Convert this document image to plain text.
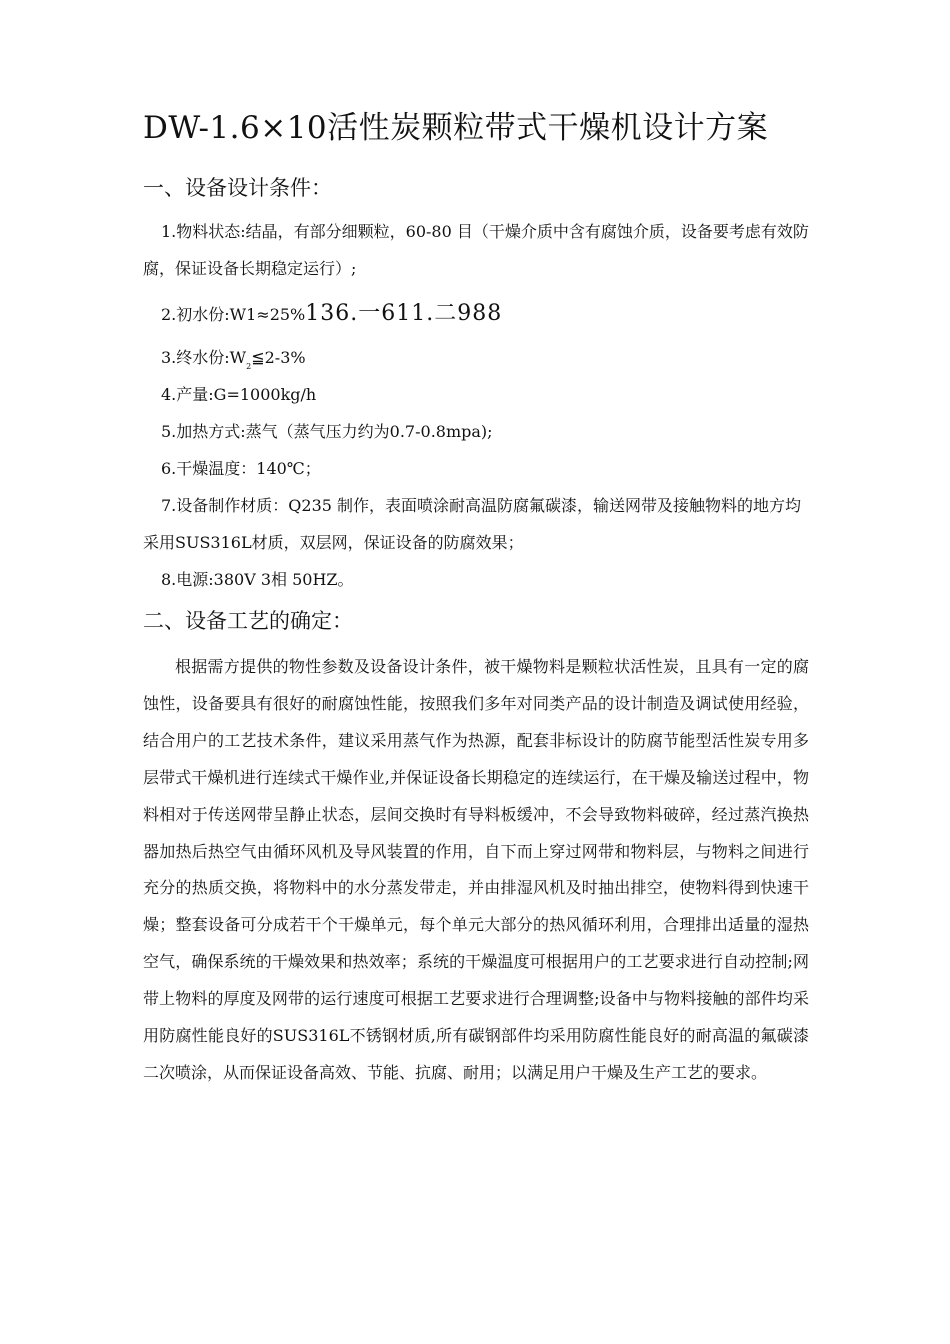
DW-1.6×10活性炭颗粒带式干燥机设计方案
一、设备设计条件：
1.物料状态:结晶，有部分细颗粒，60-80 目（干燥介质中含有腐蚀介质，设备要考虑有效防腐，保证设备长期稳定运行）;
2.初水份:W1≈25%136.一611.二988
3.终水份$:W_2≦2-3\%$
4.产量:G=1000kg/h
5.加热方式:蒸气（蒸气压力约为0.7-0.8mpa);
6.干燥温度：140℃；
7.设备制作材质：Q235 制作，表面喷涂耐高温防腐氟碳漆，输送网带及接触物料的地方均采用SUS316L材质，双层网，保证设备的防腐效果；
8.电源:380V 3相 50HZ。
二、设备工艺的确定：
根据需方提供的物性参数及设备设计条件，被干燥物料是颗粒状活性炭，且具有一定的腐蚀性，设备要具有很好的耐腐蚀性能，按照我们多年对同类产品的设计制造及调试使用经验，结合用户的工艺技术条件，建议采用蒸气作为热源，配套非标设计的防腐节能型活性炭专用多层带式干燥机进行连续式干燥作业,并保证设备长期稳定的连续运行，在干燥及输送过程中，物料相对于传送网带呈静止状态，层间交换时有导料板缓冲，不会导致物料破碎，经过蒸汽换热器加热后热空气由循环风机及导风装置的作用，自下而上穿过网带和物料层，与物料之间进行充分的热质交换，将物料中的水分蒸发带走，并由排湿风机及时抽出排空，使物料得到快速干燥；整套设备可分成若干个干燥单元，每个单元大部分的热风循环利用，合理排出适量的湿热空气，确保系统的干燥效果和热效率；系统的干燥温度可根据用户的工艺要求进行自动控制;网带上物料的厚度及网带的运行速度可根据工艺要求进行合理调整;设备中与物料接触的部件均采用防腐性能良好的SUS316L不锈钢材质,所有碳钢部件均采用防腐性能良好的耐高温的氟碳漆二次喷涂，从而保证设备高效、节能、抗腐、耐用；以满足用户干燥及生产工艺的要求。
